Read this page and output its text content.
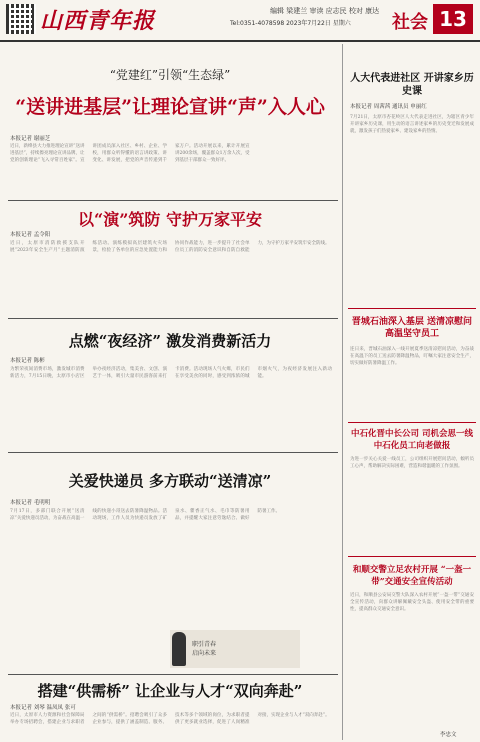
山西青年报	编辑 梁建兰 审读 应志民 校对 康达
Tel:0351-4078598 2023年7月22日 星期六 社会 13
“党建红”引领“生态绿”
“送讲进基层”让理论宣讲“声”入人心
本报记者 谢丽芝
近日，新绛县大力推进理论宣讲“送讲进基层”，持续擦亮理论宣讲品牌，让党的创新理论“飞入寻常百姓家”。宣讲团成员深入社区、乡村、企业、学校，用群众听得懂的语言讲政策、讲变化、讲发展，把党的声音传递到千家万户。活动开展以来，累计开展宣讲200余场，覆盖群众1万余人次，受到基层干部群众一致好评。
以“演”筑防 守护万家平安
本报记者 孟令阳
近日，太原市消防救援支队开展“2023年安全生产月”主题消防演练活动。演练模拟高层建筑火灾场景，检验了各单位的应急处置能力和协同作战能力，进一步提升了社会单位员工的消防安全意识和自防自救能力，为守护万家平安筑牢安全防线。
点燃“夜经济” 激发消费新活力
本报记者 陈彬
为繁荣夜间消费市场，激发城市消费新活力，7月15日晚，太原市小店区举办夜经济活动，集美食、文创、演艺于一体，吸引大量市民游客前来打卡消费。活动现场人气火爆，市民们在享受美食的同时，感受到浓浓的城市烟火气，为夜经济发展注入新动能。
关爱快递员 多方联动“送清凉”
本报记者 毛明明
7月17日，多部门联合开展“送清凉”关爱快递员活动，为奋战在高温一线的快递小哥送去防暑降温物品。活动现场，工作人员为快递员发放了矿泉水、藿香正气水、毛巾等防暑用品，并提醒大家注意劳逸结合、做好防暑工作。
职引青春
启向未来
搭建“供需桥” 让企业与人才“双向奔赴”
本报记者 刘琴 温凤凤 张可
近日，太原市人力资源和社会保障局举办专场招聘会，搭建企业与求职者之间的“供需桥”。招聘会吸引了众多企业参与，提供了涵盖制造、服务、技术等多个领域的岗位，为求职者提供了更多就业选择，促进了人岗精准对接，实现企业与人才“双向奔赴”。
人大代表进社区 开讲家乡历史课
本报记者 周茜茜 通讯员 申丽红
7月21日，太原市杏花岭区人大代表走进社区，为辖区青少年开讲家乡历史课，用生动的语言讲述家乡的历史变迁和发展成就，激发孩子们热爱家乡、建设家乡的热情。
晋城石油深入基层 送清凉慰问高温坚守员工
连日来，晋城石油深入一线开展夏季送清凉慰问活动，为奋战在高温下的员工送去防暑降温物品，叮嘱大家注意安全生产，切实做好防暑降温工作。
中石化晋中长公司 司机会思一线 中石化员工向老做报
为进一步关心关爱一线员工，公司组织开展慰问活动，倾听员工心声，帮助解决实际困难，营造和谐温暖的工作氛围。
和顺交警立足农村开展 “一盔一带”交通安全宣传活动
近日，和顺县公安局交警大队深入农村开展“一盔一带”交通安全宣传活动，向群众讲解佩戴安全头盔、使用安全带的重要性，提高群众交通安全意识。
李忠文
